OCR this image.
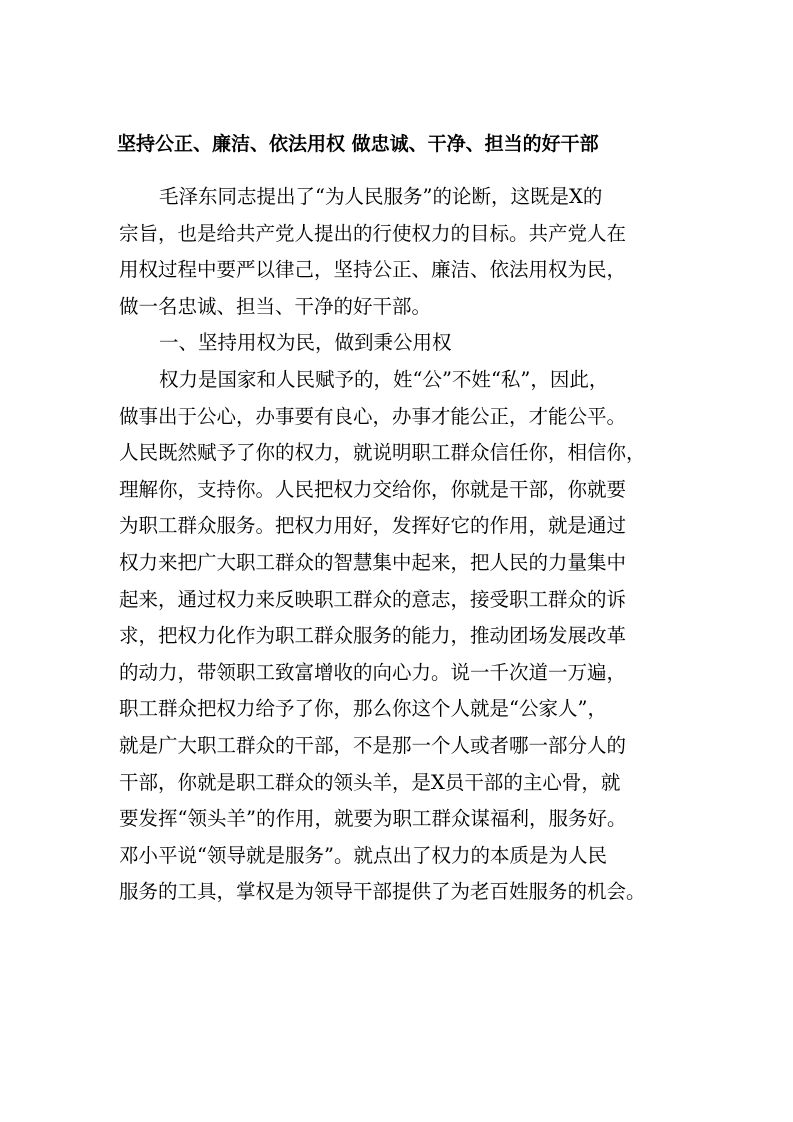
坚持公正、廉洁、依法用权 做忠诚、干净、担当的好干部
毛泽东同志提出了“为人民服务”的论断，这既是X的
宗旨，也是给共产党人提出的行使权力的目标。共产党人在
用权过程中要严以律己，坚持公正、廉洁、依法用权为民，
做一名忠诚、担当、干净的好干部。
一、坚持用权为民，做到秉公用权
权力是国家和人民赋予的，姓“公”不姓“私”，因此，
做事出于公心，办事要有良心，办事才能公正，才能公平。
人民既然赋予了你的权力，就说明职工群众信任你，相信你，
理解你，支持你。人民把权力交给你，你就是干部，你就要
为职工群众服务。把权力用好，发挥好它的作用，就是通过
权力来把广大职工群众的智慧集中起来，把人民的力量集中
起来，通过权力来反映职工群众的意志，接受职工群众的诉
求，把权力化作为职工群众服务的能力，推动团场发展改革
的动力，带领职工致富增收的向心力。说一千次道一万遍，
职工群众把权力给予了你，那么你这个人就是“公家人”，
就是广大职工群众的干部，不是那一个人或者哪一部分人的
干部，你就是职工群众的领头羊，是X员干部的主心骨，就
要发挥“领头羊”的作用，就要为职工群众谋福利，服务好。
邓小平说“领导就是服务”。就点出了权力的本质是为人民
服务的工具，掌权是为领导干部提供了为老百姓服务的机会。
